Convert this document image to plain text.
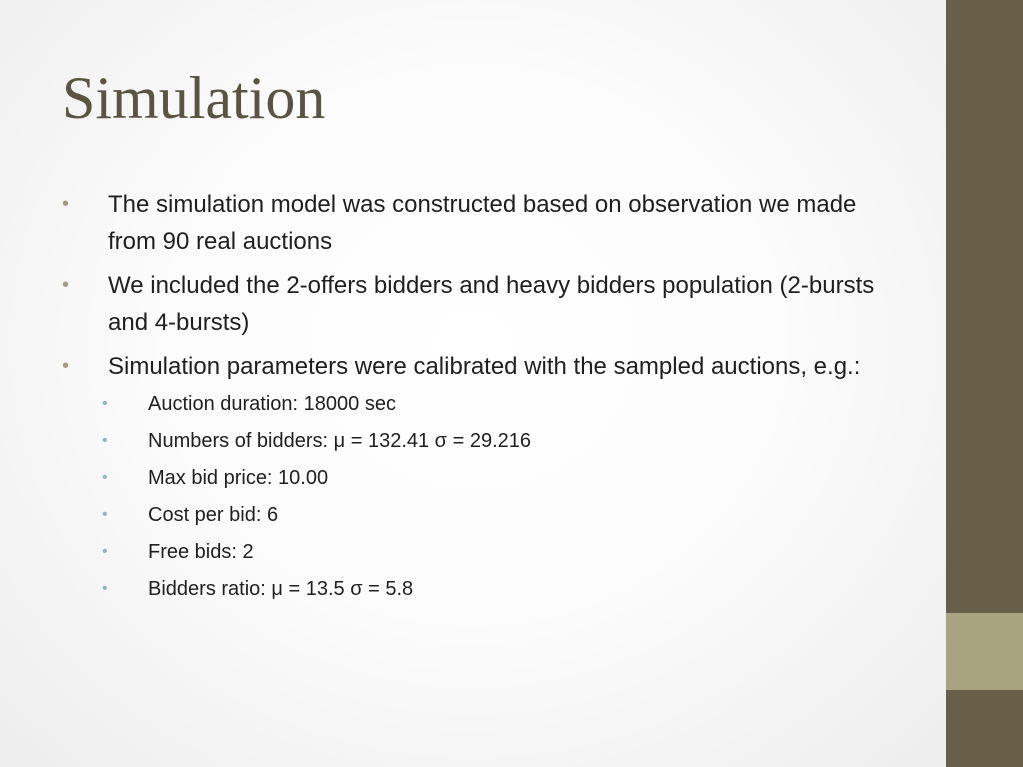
Simulation
• The simulation model was constructed based on observation we made from 90 real auctions
• We included the 2-offers bidders and heavy bidders population (2-bursts and 4-bursts)
• Simulation parameters were calibrated with the sampled auctions, e.g.:
• Auction duration: 18000 sec
• Numbers of bidders: μ = 132.41 σ = 29.216
• Max bid price: 10.00
• Cost per bid: 6
• Free bids: 2
• Bidders ratio: μ = 13.5 σ = 5.8
